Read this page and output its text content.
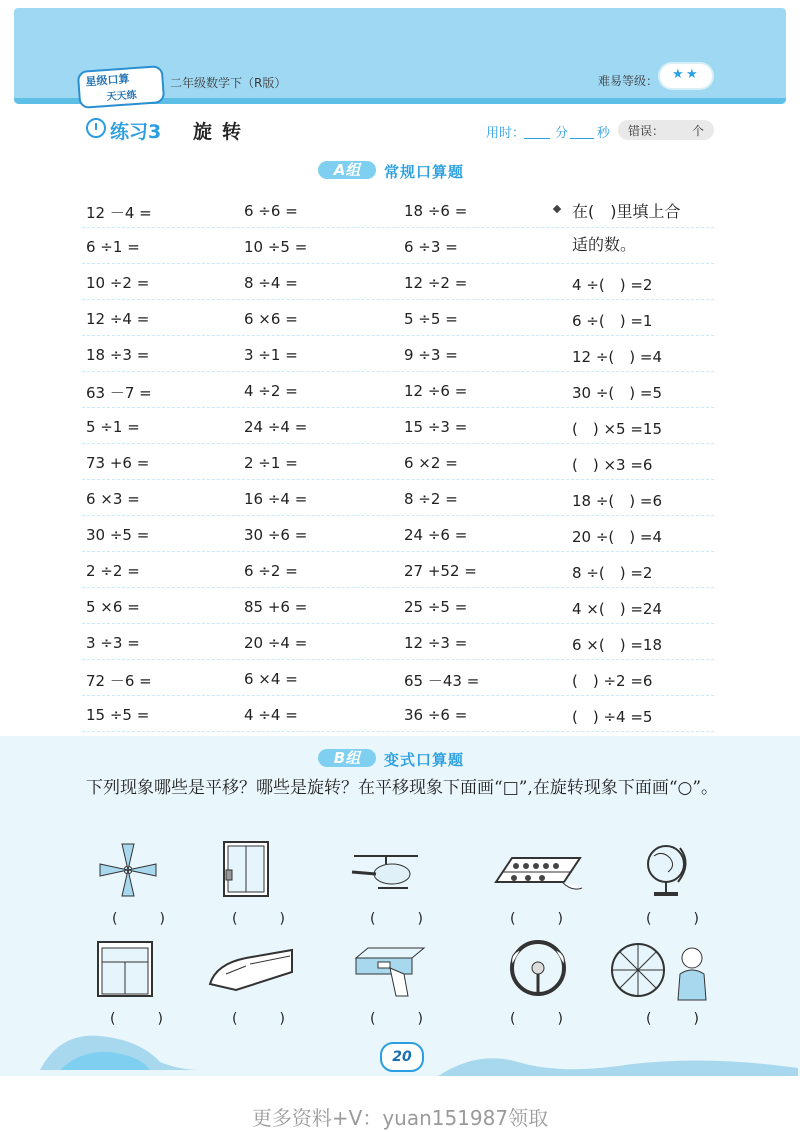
星级口算
天天练
二年级数学下（R版）	难易等级： ★ ★
练习3 旋转	用时： 分 秒 错误： 个
A组	常规口算题
12 －4 =	6 ÷6 =	18 ÷6 =
6 ÷1 =	10 ÷5 =	6 ÷3 =
10 ÷2 =	8 ÷4 =	12 ÷2 =	4 ÷(　) =2
12 ÷4 =	6 ×6 =	5 ÷5 =	6 ÷(　) =1
18 ÷3 =	3 ÷1 =	9 ÷3 =	12 ÷(　) =4
63 －7 =	4 ÷2 =	12 ÷6 =	30 ÷(　) =5
5 ÷1 =	24 ÷4 =	15 ÷3 =	(　) ×5 =15
73 +6 =	2 ÷1 =	6 ×2 =	(　) ×3 =6
6 ×3 =	16 ÷4 =	8 ÷2 =	18 ÷(　) =6
30 ÷5 =	30 ÷6 =	24 ÷6 =	20 ÷(　) =4
2 ÷2 =	6 ÷2 =	27 +52 =	8 ÷(　) =2
5 ×6 =	85 +6 =	25 ÷5 =	4 ×(　) =24
3 ÷3 =	20 ÷4 =	12 ÷3 =	6 ×(　) =18
72 －6 =	6 ×4 =	65 －43 =	(　) ÷2 =6
15 ÷5 =	4 ÷4 =	36 ÷6 =	(　) ÷4 =5
在(　)里填上合
适的数。
B组	变式口算题
下列现象哪些是平移？哪些是旋转？在平移现象下面画“□”,在旋转现象下面画“○”。
(　)	(　)	(　)	(　)	(　)
(　)	(　)	(　)	(　)	(　)
20
更多资料+V：yuan151987领取
